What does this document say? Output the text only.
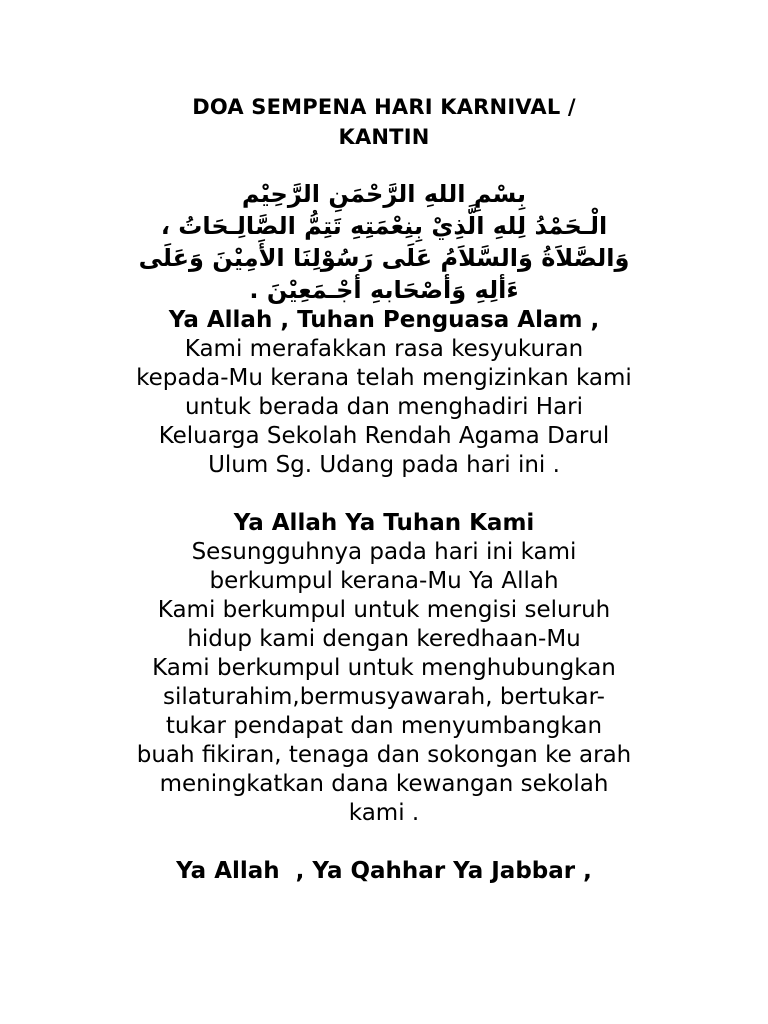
DOA SEMPENA HARI KARNIVAL /
KANTIN
بِسْمِ اللهِ الرَّحْمَنِ الرَّحِيْم
الْـحَمْدُ لِلهِ الَّذِيْ بِنِعْمَتِهِ تَتِمُّ الصَّالِـحَاتُ ،
وَالصَّلاَةُ وَالسَّلاَمُ عَلَى رَسُوْلِنَا الأَمِيْنَ وَعَلَى
ءَألِهِ وَأصْحَابهِ أجْـمَعِيْنَ .
Ya Allah , Tuhan Penguasa Alam ,
Kami merafakkan rasa kesyukuran
kepada-Mu kerana telah mengizinkan kami
untuk berada dan menghadiri Hari
Keluarga Sekolah Rendah Agama Darul
Ulum Sg. Udang pada hari ini .
Ya Allah Ya Tuhan Kami
Sesungguhnya pada hari ini kami
berkumpul kerana-Mu Ya Allah
Kami berkumpul untuk mengisi seluruh
hidup kami dengan keredhaan-Mu
Kami berkumpul untuk menghubungkan
silaturahim,bermusyawarah, bertukar-
tukar pendapat dan menyumbangkan
buah fikiran, tenaga dan sokongan ke arah
meningkatkan dana kewangan sekolah
kami .
Ya Allah  , Ya Qahhar Ya Jabbar ,
